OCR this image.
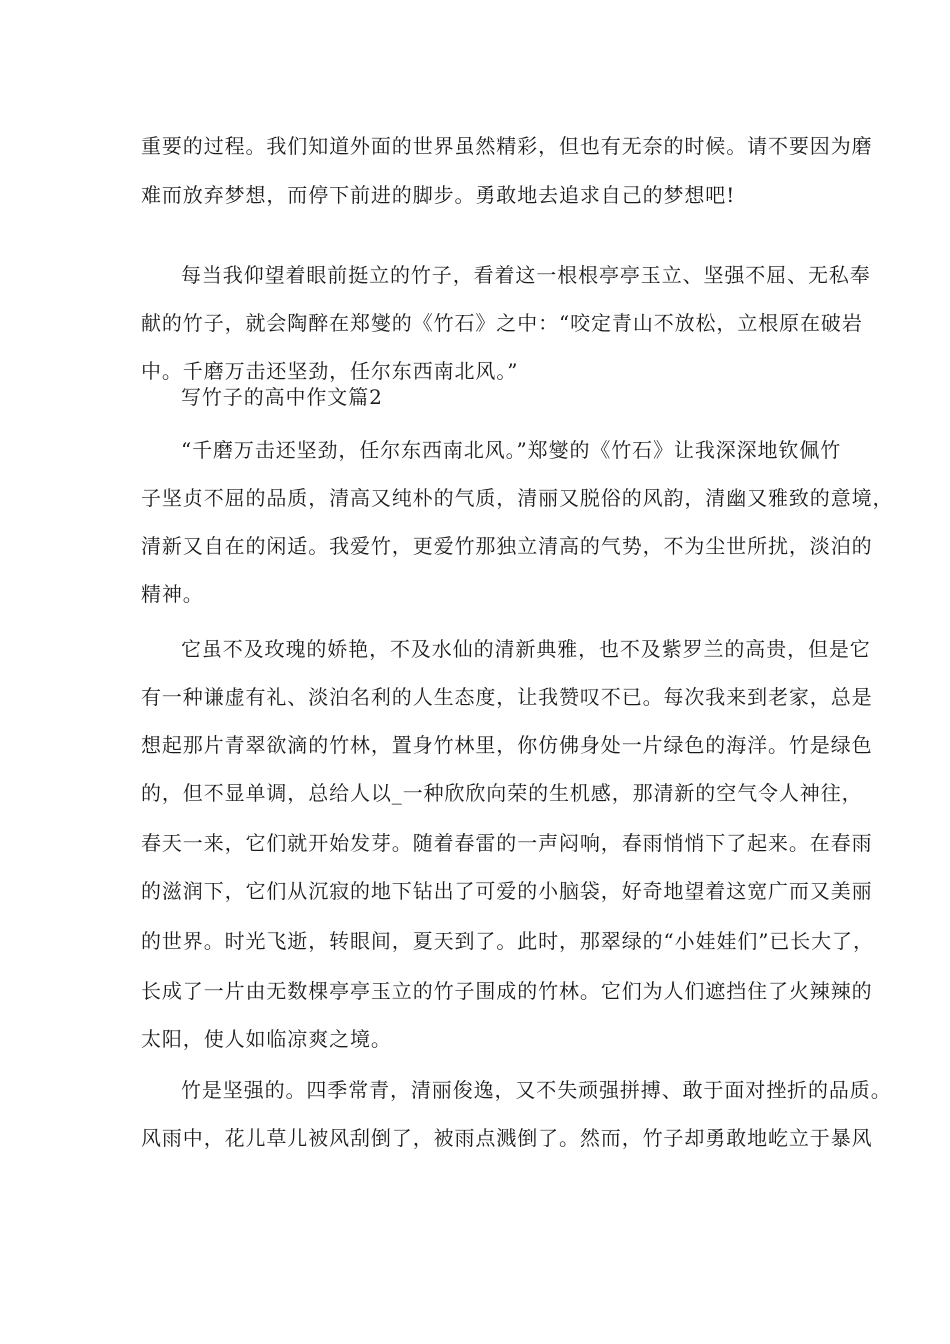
重要的过程。我们知道外面的世界虽然精彩，但也有无奈的时候。请不要因为磨

难而放弃梦想，而停下前进的脚步。勇敢地去追求自己的梦想吧!

每当我仰望着眼前挺立的竹子，看着这一根根亭亭玉立、坚强不屈、无私奉

献的竹子，就会陶醉在郑燮的《竹石》之中：“咬定青山不放松，立根原在破岩

中。千磨万击还坚劲，任尔东西南北风。”

写竹子的高中作文篇2

“千磨万击还坚劲，任尔东西南北风。”郑燮的《竹石》让我深深地钦佩竹

子坚贞不屈的品质，清高又纯朴的气质，清丽又脱俗的风韵，清幽又雅致的意境，

清新又自在的闲适。我爱竹，更爱竹那独立清高的气势，不为尘世所扰，淡泊的

精神。

它虽不及玫瑰的娇艳，不及水仙的清新典雅，也不及紫罗兰的高贵，但是它

有一种谦虚有礼、淡泊名利的人生态度，让我赞叹不已。每次我来到老家，总是

想起那片青翠欲滴的竹林，置身竹林里，你仿佛身处一片绿色的海洋。竹是绿色

的，但不显单调，总给人以_一种欣欣向荣的生机感，那清新的空气令人神往，

春天一来，它们就开始发芽。随着春雷的一声闷响，春雨悄悄下了起来。在春雨

的滋润下，它们从沉寂的地下钻出了可爱的小脑袋，好奇地望着这宽广而又美丽

的世界。时光飞逝，转眼间，夏天到了。此时，那翠绿的“小娃娃们”已长大了，

长成了一片由无数棵亭亭玉立的竹子围成的竹林。它们为人们遮挡住了火辣辣的

太阳，使人如临凉爽之境。

竹是坚强的。四季常青，清丽俊逸，又不失顽强拼搏、敢于面对挫折的品质。

风雨中，花儿草儿被风刮倒了，被雨点溅倒了。然而，竹子却勇敢地屹立于暴风
